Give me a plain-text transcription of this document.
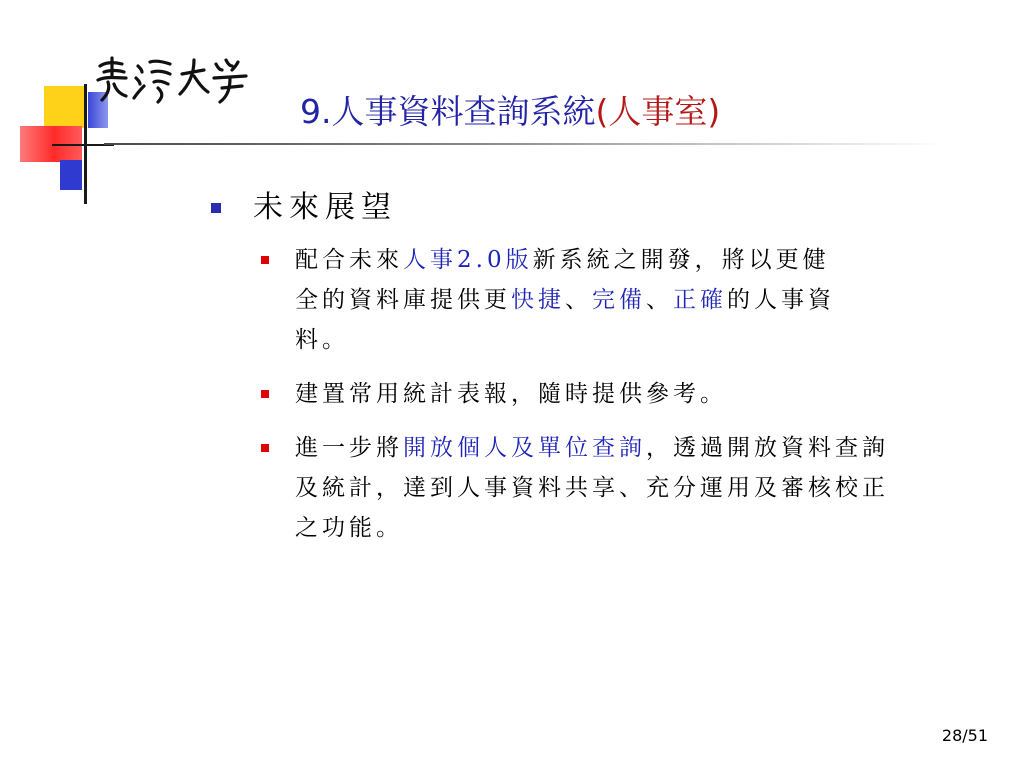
9.人事資料查詢系統(人事室)
未來展望
配合未來人事2.0版新系統之開發，將以更健全的資料庫提供更快捷、完備、正確的人事資料。
建置常用統計表報，隨時提供參考。
進一步將開放個人及單位查詢，透過開放資料查詢及統計，達到人事資料共享、充分運用及審核校正之功能。
28/51
